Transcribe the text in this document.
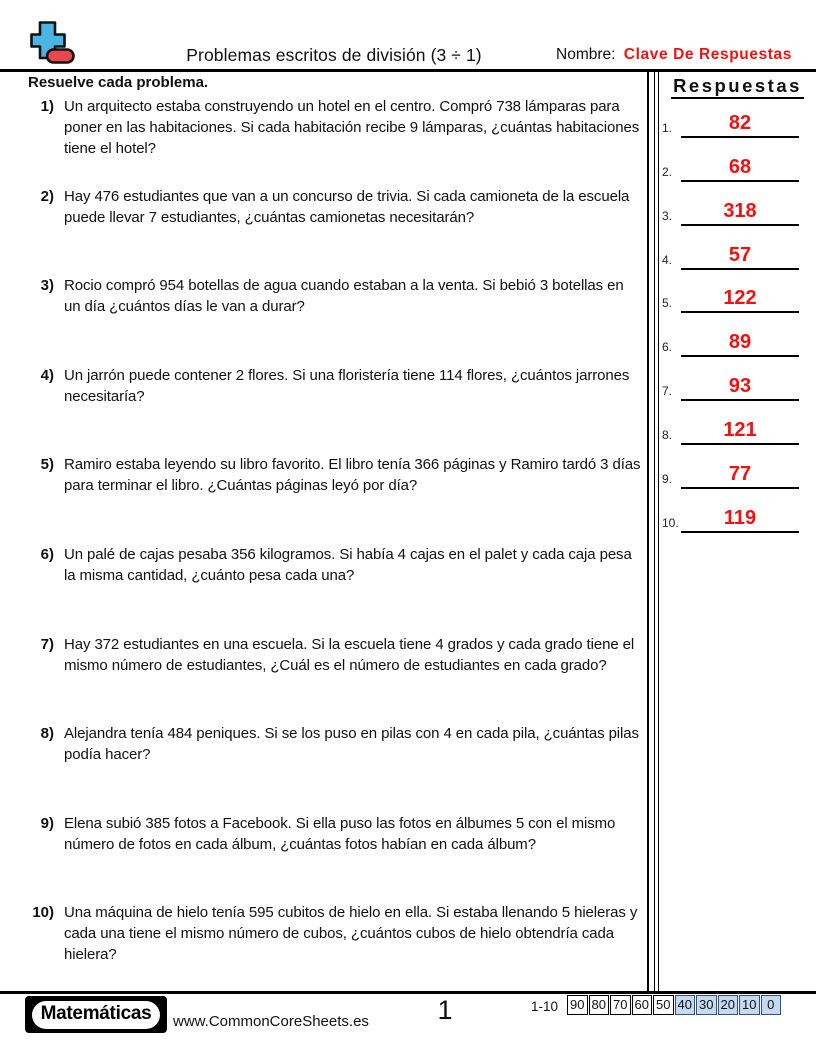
Problemas escritos de división (3 ÷ 1)	Nombre: Clave De Respuestas
Resuelve cada problema.
1) Un arquitecto estaba construyendo un hotel en el centro. Compró 738 lámparas para poner en las habitaciones. Si cada habitación recibe 9 lámparas, ¿cuántas habitaciones tiene el hotel?
2) Hay 476 estudiantes que van a un concurso de trivia. Si cada camioneta de la escuela puede llevar 7 estudiantes, ¿cuántas camionetas necesitarán?
3) Rocio compró 954 botellas de agua cuando estaban a la venta. Si bebió 3 botellas en un día ¿cuántos días le van a durar?
4) Un jarrón puede contener 2 flores. Si una floristería tiene 114 flores, ¿cuántos jarrones necesitaría?
5) Ramiro estaba leyendo su libro favorito. El libro tenía 366 páginas y Ramiro tardó 3 días para terminar el libro. ¿Cuántas páginas leyó por día?
6) Un palé de cajas pesaba 356 kilogramos. Si había 4 cajas en el palet y cada caja pesa la misma cantidad, ¿cuánto pesa cada una?
7) Hay 372 estudiantes en una escuela. Si la escuela tiene 4 grados y cada grado tiene el mismo número de estudiantes, ¿Cuál es el número de estudiantes en cada grado?
8) Alejandra tenía 484 peniques. Si se los puso en pilas con 4 en cada pila, ¿cuántas pilas podía hacer?
9) Elena subió 385 fotos a Facebook. Si ella puso las fotos en álbumes 5 con el mismo número de fotos en cada álbum, ¿cuántas fotos habían en cada álbum?
10) Una máquina de hielo tenía 595 cubitos de hielo en ella. Si estaba llenando 5 hieleras y cada una tiene el mismo número de cubos, ¿cuántos cubos de hielo obtendría cada hielera?
Respuestas
1.	82
2.	68
3.	318
4.	57
5.	122
6.	89
7.	93
8.	121
9.	77
10.	119
Matemáticas	www.CommonCoreSheets.es	1	1-10 90 80 70 60 50 40 30 20 10 0
